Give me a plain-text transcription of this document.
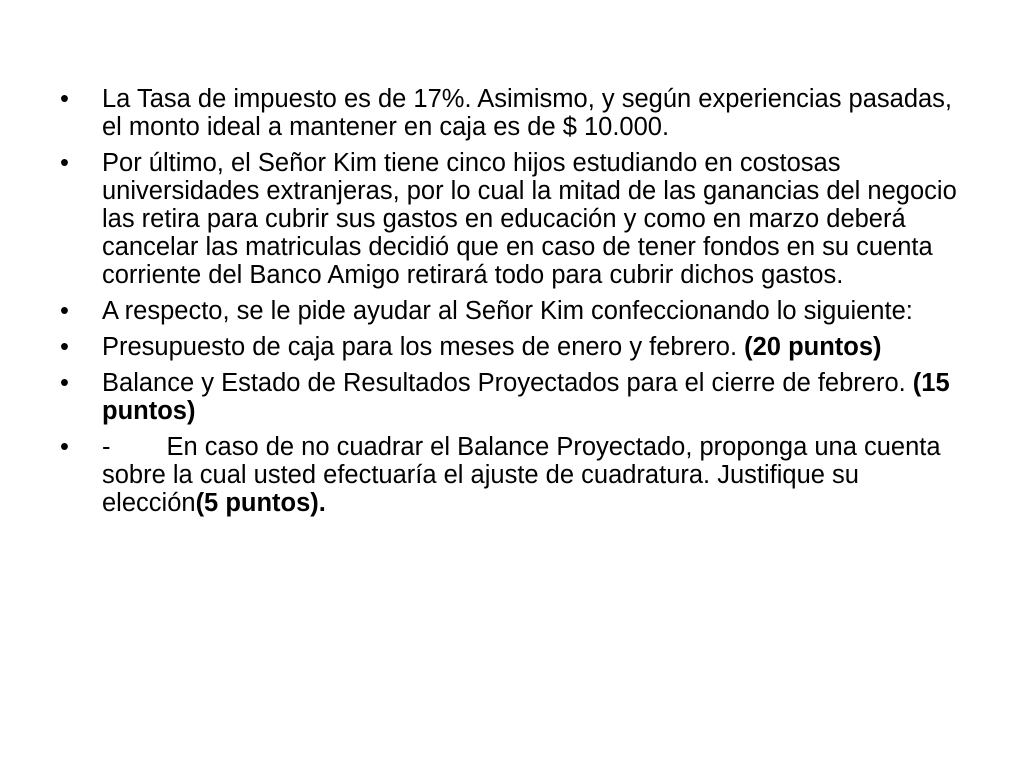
•	La Tasa de impuesto es de 17%. Asimismo, y según experiencias pasadas, el monto ideal a mantener en caja es de $ 10.000.
•	Por último, el Señor Kim tiene cinco hijos estudiando en costosas universidades extranjeras, por lo cual la mitad de las ganancias del negocio las retira para cubrir sus gastos en educación y como en marzo deberá cancelar las matriculas decidió que en caso de tener fondos en su cuenta corriente del Banco Amigo retirará todo para cubrir dichos gastos.
•	A respecto, se le pide ayudar al Señor Kim confeccionando lo siguiente:
•	Presupuesto de caja para los meses de enero y febrero. (20 puntos)
•	Balance y Estado de Resultados Proyectados para el cierre de febrero. (15 puntos)
•	- En caso de no cuadrar el Balance Proyectado, proponga una cuenta sobre la cual usted efectuaría el ajuste de cuadratura. Justifique su elección(5 puntos).
